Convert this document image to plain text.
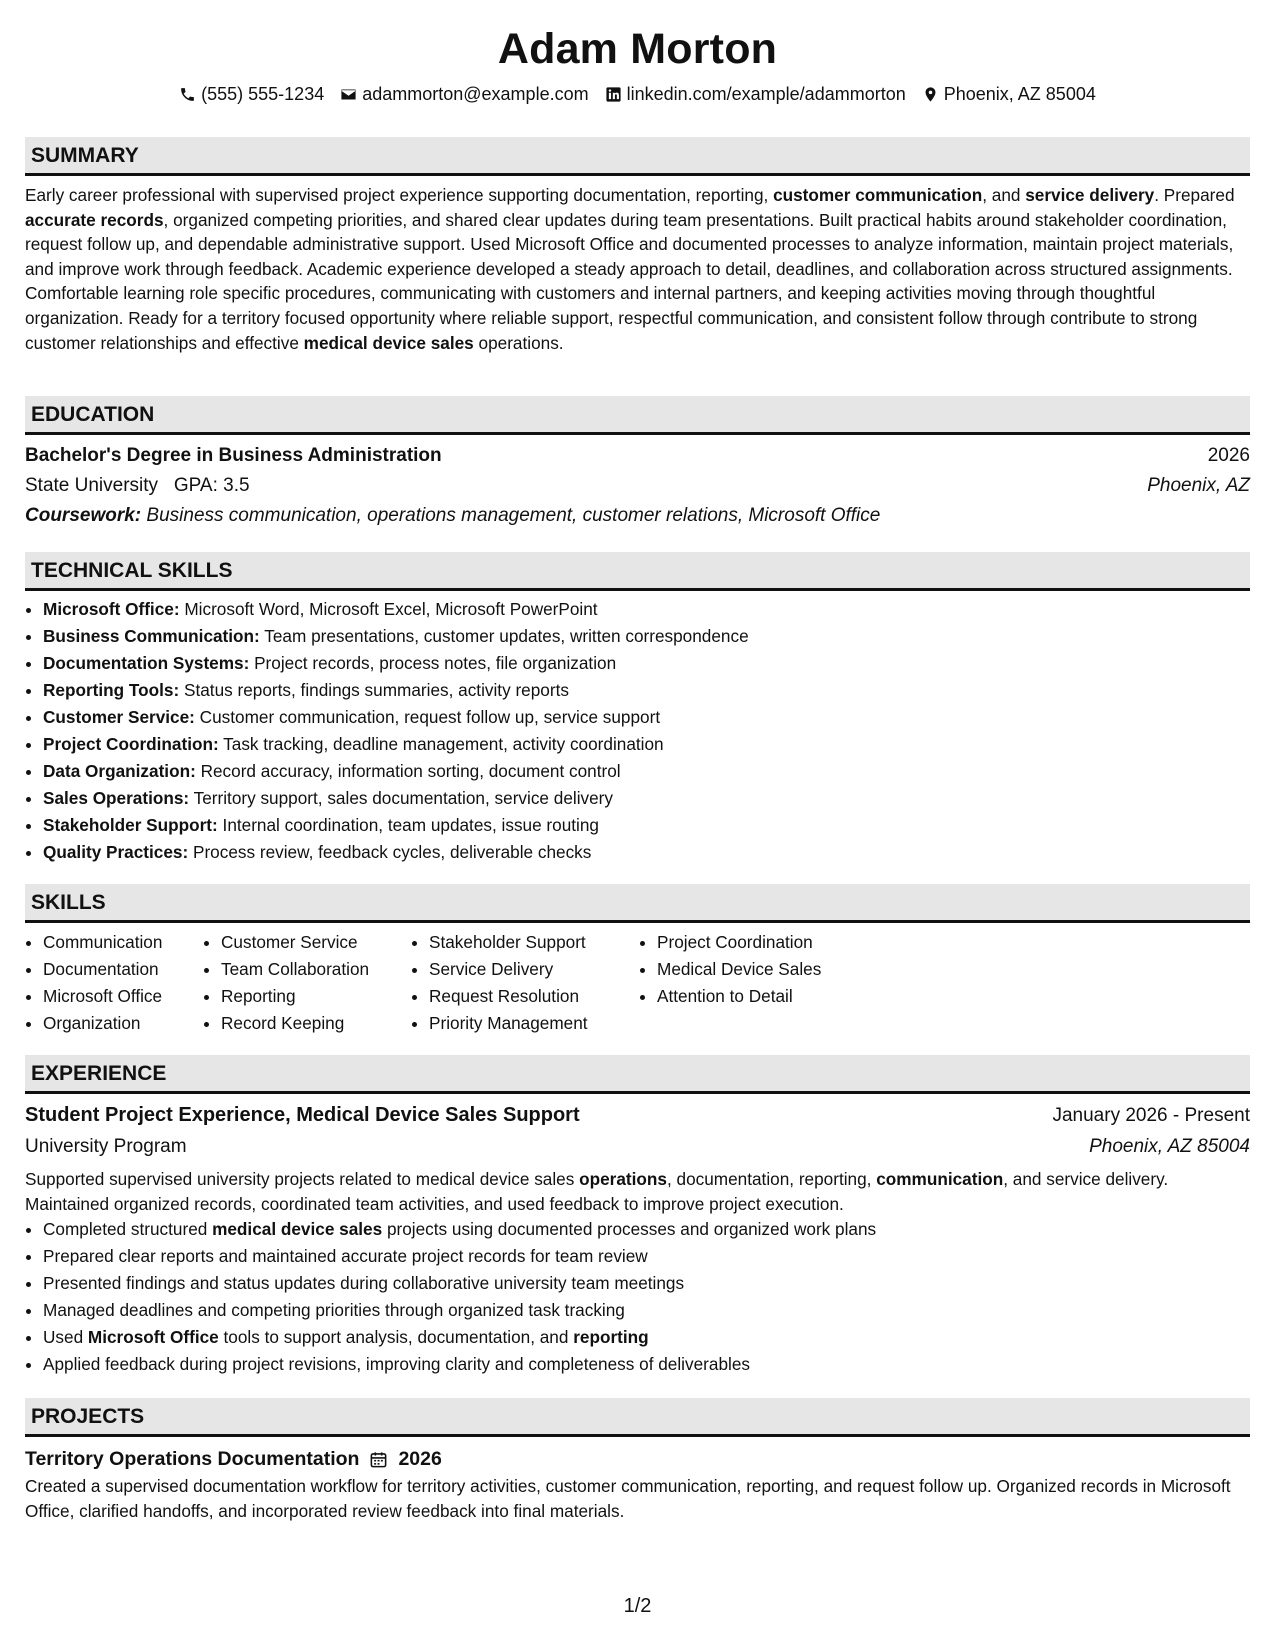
Adam Morton
(555) 555-1234 adammorton@example.com linkedin.com/example/adammorton Phoenix, AZ 85004
SUMMARY
Early career professional with supervised project experience supporting documentation, reporting, customer communication, and service delivery. Prepared accurate records, organized competing priorities, and shared clear updates during team presentations. Built practical habits around stakeholder coordination, request follow up, and dependable administrative support. Used Microsoft Office and documented processes to analyze information, maintain project materials, and improve work through feedback. Academic experience developed a steady approach to detail, deadlines, and collaboration across structured assignments. Comfortable learning role specific procedures, communicating with customers and internal partners, and keeping activities moving through thoughtful organization. Ready for a territory focused opportunity where reliable support, respectful communication, and consistent follow through contribute to strong customer relationships and effective medical device sales operations.
EDUCATION
Bachelor's Degree in Business Administration	2026
State University GPA: 3.5	Phoenix, AZ
Coursework: Business communication, operations management, customer relations, Microsoft Office
TECHNICAL SKILLS
• Microsoft Office: Microsoft Word, Microsoft Excel, Microsoft PowerPoint
• Business Communication: Team presentations, customer updates, written correspondence
• Documentation Systems: Project records, process notes, file organization
• Reporting Tools: Status reports, findings summaries, activity reports
• Customer Service: Customer communication, request follow up, service support
• Project Coordination: Task tracking, deadline management, activity coordination
• Data Organization: Record accuracy, information sorting, document control
• Sales Operations: Territory support, sales documentation, service delivery
• Stakeholder Support: Internal coordination, team updates, issue routing
• Quality Practices: Process review, feedback cycles, deliverable checks
SKILLS
• Communication
• Documentation
• Microsoft Office
• Organization
• Customer Service
• Team Collaboration
• Reporting
• Record Keeping
• Stakeholder Support
• Service Delivery
• Request Resolution
• Priority Management
• Project Coordination
• Medical Device Sales
• Attention to Detail
EXPERIENCE
Student Project Experience, Medical Device Sales Support	January 2026 - Present
University Program	Phoenix, AZ 85004
Supported supervised university projects related to medical device sales operations, documentation, reporting, communication, and service delivery. Maintained organized records, coordinated team activities, and used feedback to improve project execution.
• Completed structured medical device sales projects using documented processes and organized work plans
• Prepared clear reports and maintained accurate project records for team review
• Presented findings and status updates during collaborative university team meetings
• Managed deadlines and competing priorities through organized task tracking
• Used Microsoft Office tools to support analysis, documentation, and reporting
• Applied feedback during project revisions, improving clarity and completeness of deliverables
PROJECTS
Territory Operations Documentation 2026
Created a supervised documentation workflow for territory activities, customer communication, reporting, and request follow up. Organized records in Microsoft Office, clarified handoffs, and incorporated review feedback into final materials.
1/2
